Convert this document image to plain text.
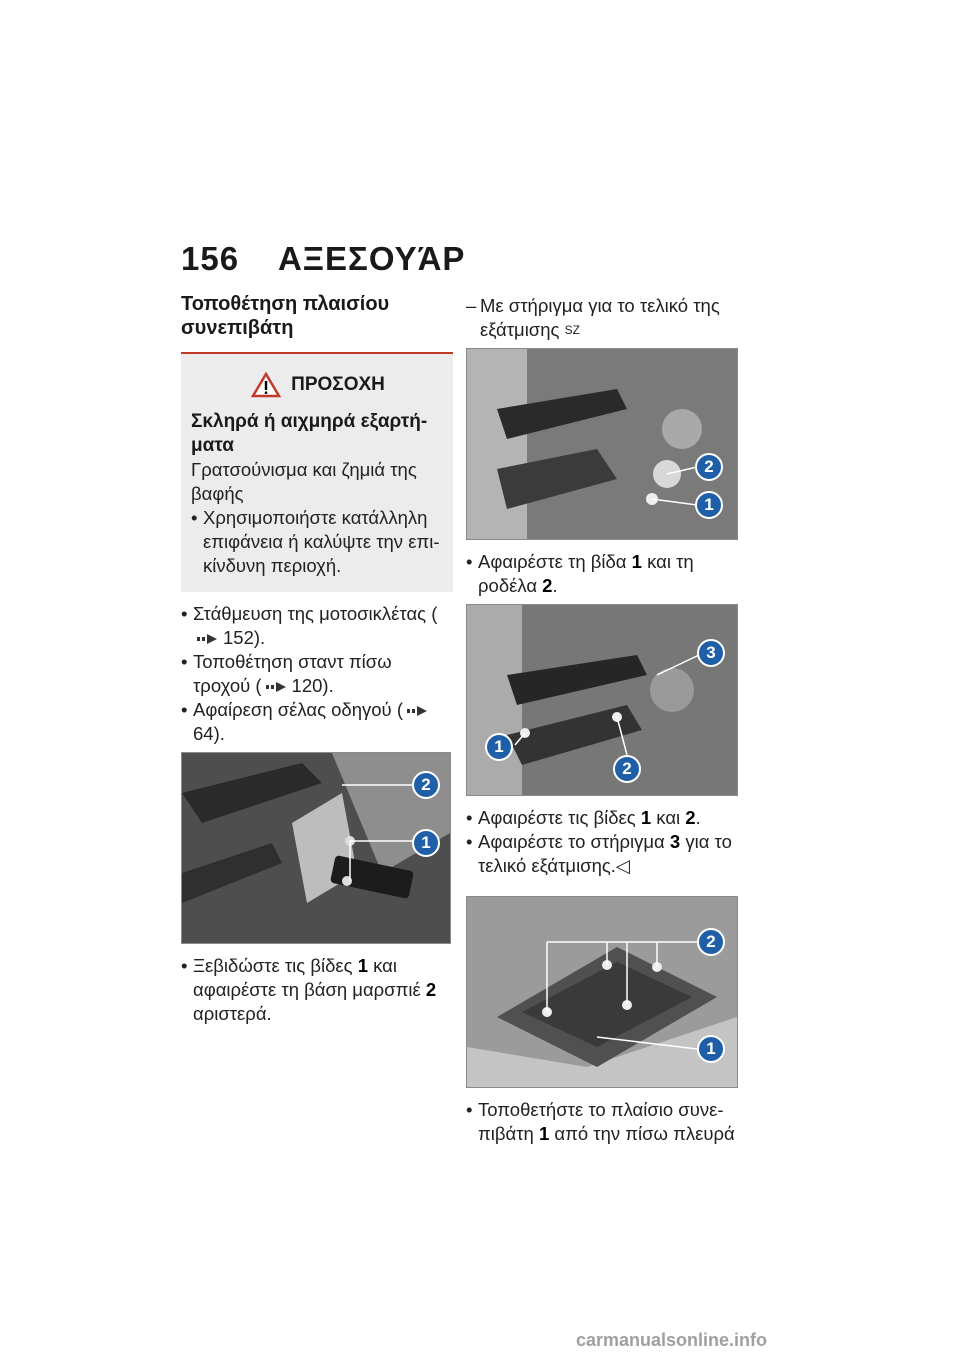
156 ΑΞΕΣΟΥΆΡ
Τοποθέτηση πλαισίου συνεπιβάτη
ΠΡΟΣΟΧΗ
Σκληρά ή αιχμηρά εξαρτή-ματα
Γρατσούνισμα και ζημιά της βαφής
• Χρησιμοποιήστε κατάλληλη επιφάνεια ή καλύψτε την επι-κίνδυνη περιοχή.
• Στάθμευση της μοτοσικλέτας (152).
• Τοποθέτηση σταντ πίσω τροχού ( 120).
• Αφαίρεση σέλας οδηγού (64).
2
1
• Ξεβιδώστε τις βίδες 1 και αφαιρέστε τη βάση μαρσπιέ 2 αριστερά.
– Με στήριγμα για το τελικό της εξάτμισης $^{SZ}$
2
1
• Αφαιρέστε τη βίδα 1 και τη ροδέλα 2.
3
1
2
• Αφαιρέστε τις βίδες 1 και 2.
• Αφαιρέστε το στήριγμα 3 για το τελικό εξάτμισης.◁
2
1
• Τοποθετήστε το πλαίσιο συνε-πιβάτη 1 από την πίσω πλευρά
carmanualsonline.info
